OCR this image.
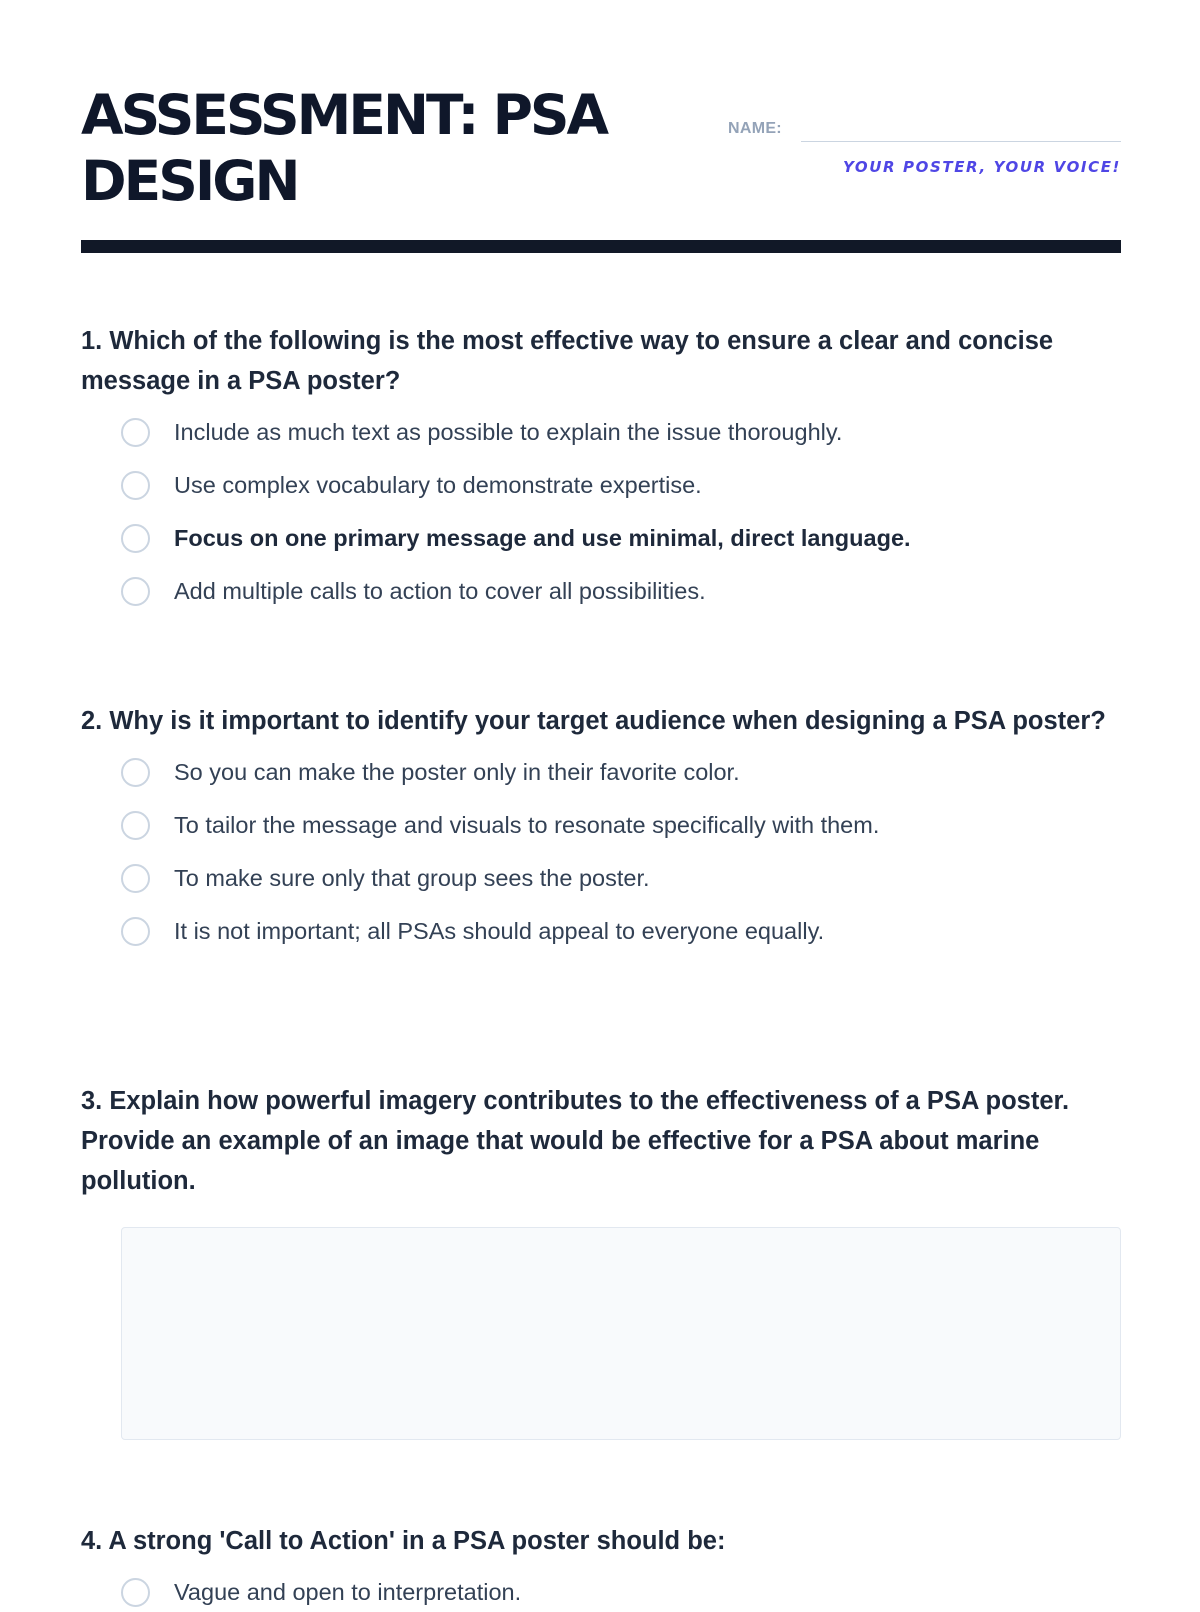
ASSESSMENT: PSA DESIGN
NAME:
YOUR POSTER, YOUR VOICE!

1. Which of the following is the most effective way to ensure a clear and concise message in a PSA poster?

Include as much text as possible to explain the issue thoroughly.
Use complex vocabulary to demonstrate expertise.
Focus on one primary message and use minimal, direct language.
Add multiple calls to action to cover all possibilities.

2. Why is it important to identify your target audience when designing a PSA poster?

So you can make the poster only in their favorite color.
To tailor the message and visuals to resonate specifically with them.
To make sure only that group sees the poster.
It is not important; all PSAs should appeal to everyone equally.

3. Explain how powerful imagery contributes to the effectiveness of a PSA poster. Provide an example of an image that would be effective for a PSA about marine pollution.

4. A strong 'Call to Action' in a PSA poster should be:

Vague and open to interpretation.
